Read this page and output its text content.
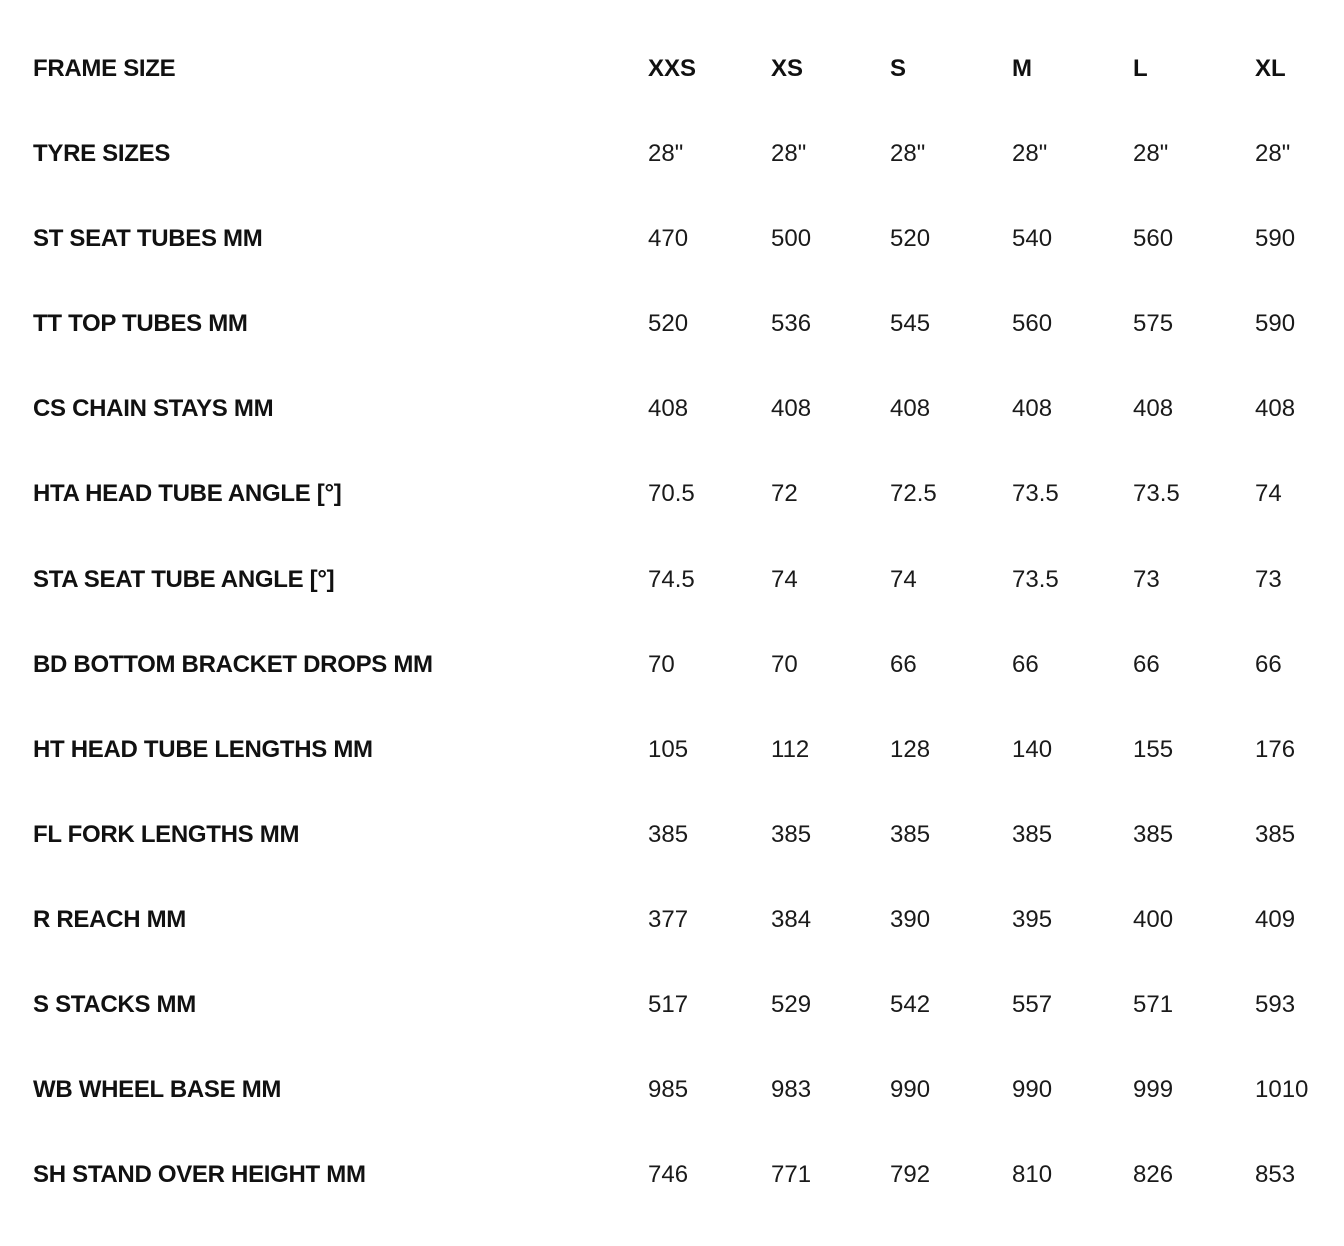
FRAME SIZE	XXS	XS	S	M	L	XL
TYRE SIZES	28"	28"	28"	28"	28"	28"
ST SEAT TUBES MM	470	500	520	540	560	590
TT TOP TUBES MM	520	536	545	560	575	590
CS CHAIN STAYS MM	408	408	408	408	408	408
HTA HEAD TUBE ANGLE [°]	70.5	72	72.5	73.5	73.5	74
STA SEAT TUBE ANGLE [°]	74.5	74	74	73.5	73	73
BD BOTTOM BRACKET DROPS MM	70	70	66	66	66	66
HT HEAD TUBE LENGTHS MM	105	112	128	140	155	176
FL FORK LENGTHS MM	385	385	385	385	385	385
R REACH MM	377	384	390	395	400	409
S STACKS MM	517	529	542	557	571	593
WB WHEEL BASE MM	985	983	990	990	999	1010
SH STAND OVER HEIGHT MM	746	771	792	810	826	853
